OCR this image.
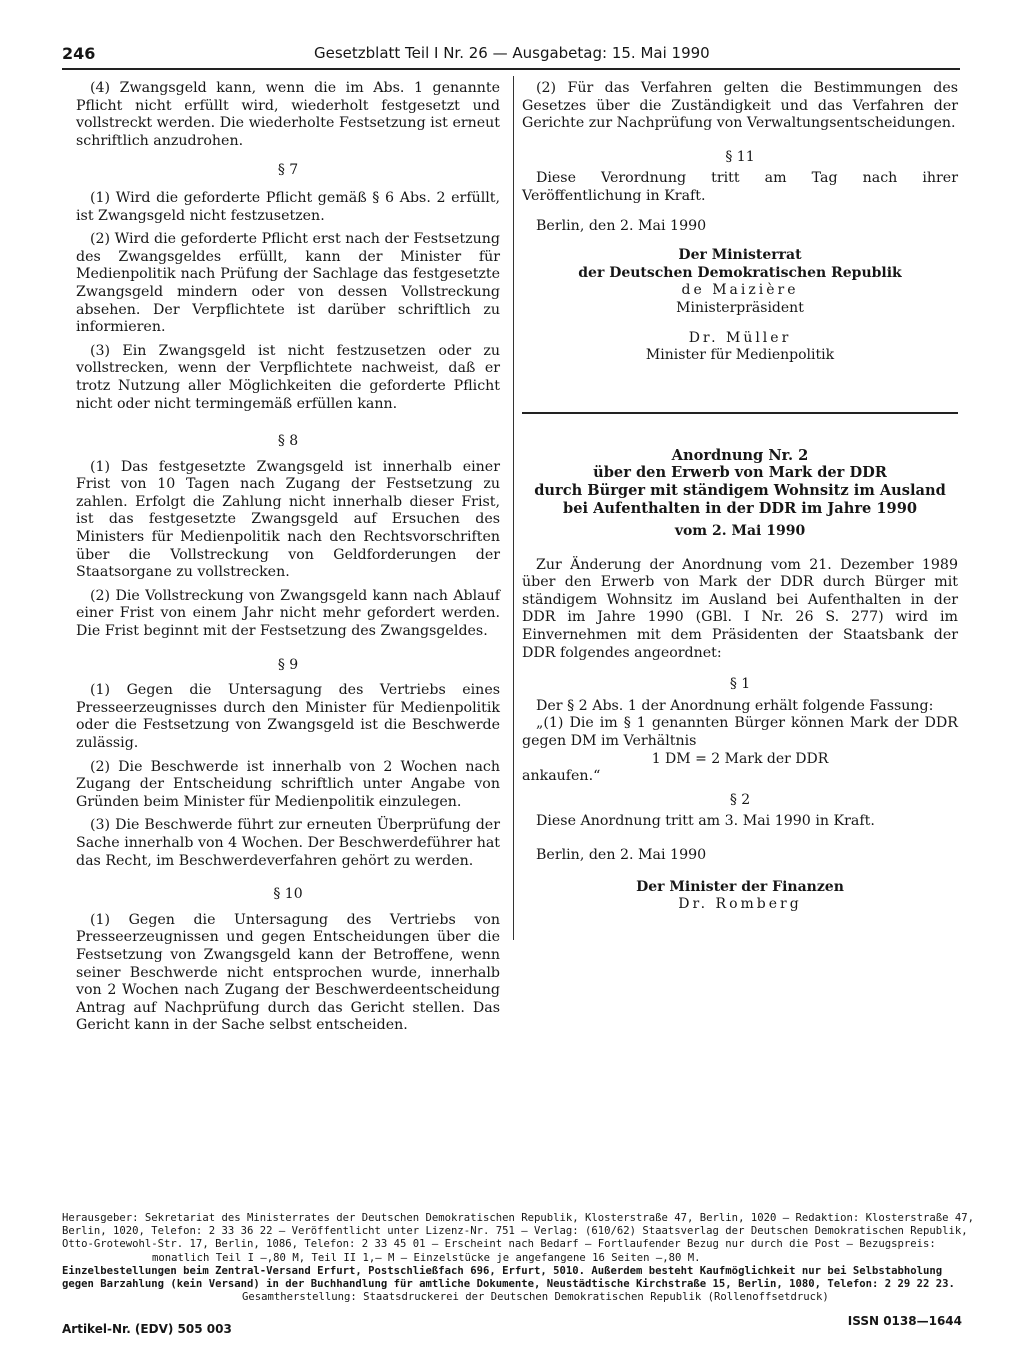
246	Gesetzblatt Teil I Nr. 26 — Ausgabetag: 15. Mai 1990

(4) Zwangsgeld kann, wenn die im Abs. 1 genannte Pflicht nicht erfüllt wird, wiederholt festgesetzt und vollstreckt werden. Die wiederholte Festsetzung ist erneut schriftlich anzudrohen.

§ 7

(1) Wird die geforderte Pflicht gemäß § 6 Abs. 2 erfüllt, ist Zwangsgeld nicht festzusetzen.

(2) Wird die geforderte Pflicht erst nach der Festsetzung des Zwangsgeldes erfüllt, kann der Minister für Medienpolitik nach Prüfung der Sachlage das festgesetzte Zwangsgeld mindern oder von dessen Vollstreckung absehen. Der Verpflichtete ist darüber schriftlich zu informieren.

(3) Ein Zwangsgeld ist nicht festzusetzen oder zu vollstrecken, wenn der Verpflichtete nachweist, daß er trotz Nutzung aller Möglichkeiten die geforderte Pflicht nicht oder nicht termingemäß erfüllen kann.

§ 8

(1) Das festgesetzte Zwangsgeld ist innerhalb einer Frist von 10 Tagen nach Zugang der Festsetzung zu zahlen. Erfolgt die Zahlung nicht innerhalb dieser Frist, ist das festgesetzte Zwangsgeld auf Ersuchen des Ministers für Medienpolitik nach den Rechtsvorschriften über die Vollstreckung von Geldforderungen der Staatsorgane zu vollstrecken.

(2) Die Vollstreckung von Zwangsgeld kann nach Ablauf einer Frist von einem Jahr nicht mehr gefordert werden. Die Frist beginnt mit der Festsetzung des Zwangsgeldes.

§ 9

(1) Gegen die Untersagung des Vertriebs eines Presseerzeugnisses durch den Minister für Medienpolitik oder die Festsetzung von Zwangsgeld ist die Beschwerde zulässig.

(2) Die Beschwerde ist innerhalb von 2 Wochen nach Zugang der Entscheidung schriftlich unter Angabe von Gründen beim Minister für Medienpolitik einzulegen.

(3) Die Beschwerde führt zur erneuten Überprüfung der Sache innerhalb von 4 Wochen. Der Beschwerdeführer hat das Recht, im Beschwerdeverfahren gehört zu werden.

§ 10

(1) Gegen die Untersagung des Vertriebs von Presseerzeugnissen und gegen Entscheidungen über die Festsetzung von Zwangsgeld kann der Betroffene, wenn seiner Beschwerde nicht entsprochen wurde, innerhalb von 2 Wochen nach Zugang der Beschwerdeentscheidung Antrag auf Nachprüfung durch das Gericht stellen. Das Gericht kann in der Sache selbst entscheiden.

(2) Für das Verfahren gelten die Bestimmungen des Gesetzes über die Zuständigkeit und das Verfahren der Gerichte zur Nachprüfung von Verwaltungsentscheidungen.

§ 11

Diese Verordnung tritt am Tag nach ihrer Veröffentlichung in Kraft.

Berlin, den 2. Mai 1990

Der Ministerrat

der Deutschen Demokratischen Republik

de Maizière

Ministerpräsident

Dr. Müller

Minister für Medienpolitik

Anordnung Nr. 2

über den Erwerb von Mark der DDR

durch Bürger mit ständigem Wohnsitz im Ausland

bei Aufenthalten in der DDR im Jahre 1990

vom 2. Mai 1990

Zur Änderung der Anordnung vom 21. Dezember 1989 über den Erwerb von Mark der DDR durch Bürger mit ständigem Wohnsitz im Ausland bei Aufenthalten in der DDR im Jahre 1990 (GBl. I Nr. 26 S. 277) wird im Einvernehmen mit dem Präsidenten der Staatsbank der DDR folgendes angeordnet:

§ 1

Der § 2 Abs. 1 der Anordnung erhält folgende Fassung:

„(1) Die im § 1 genannten Bürger können Mark der DDR gegen DM im Verhältnis

1 DM = 2 Mark der DDR

ankaufen.“

§ 2

Diese Anordnung tritt am 3. Mai 1990 in Kraft.

Berlin, den 2. Mai 1990

Der Minister der Finanzen

Dr. Romberg

Herausgeber: Sekretariat des Ministerrates der Deutschen Demokratischen Republik, Klosterstraße 47, Berlin, 1020 — Redaktion: Klosterstraße 47,
Berlin, 1020, Telefon: 2 33 36 22 — Veröffentlicht unter Lizenz-Nr. 751 — Verlag: (610/62) Staatsverlag der Deutschen Demokratischen Republik,
Otto-Grotewohl-Str. 17, Berlin, 1086, Telefon: 2 33 45 01 — Erscheint nach Bedarf — Fortlaufender Bezug nur durch die Post — Bezugspreis:
monatlich Teil I —,80 M, Teil II 1,— M — Einzelstücke je angefangene 16 Seiten —,80 M.
Einzelbestellungen beim Zentral-Versand Erfurt, Postschließfach 696, Erfurt, 5010. Außerdem besteht Kaufmöglichkeit nur bei Selbstabholung
gegen Barzahlung (kein Versand) in der Buchhandlung für amtliche Dokumente, Neustädtische Kirchstraße 15, Berlin, 1080, Telefon: 2 29 22 23.
Gesamtherstellung: Staatsdruckerei der Deutschen Demokratischen Republik (Rollenoffsetdruck)
Artikel-Nr. (EDV) 505 003
ISSN 0138—1644
